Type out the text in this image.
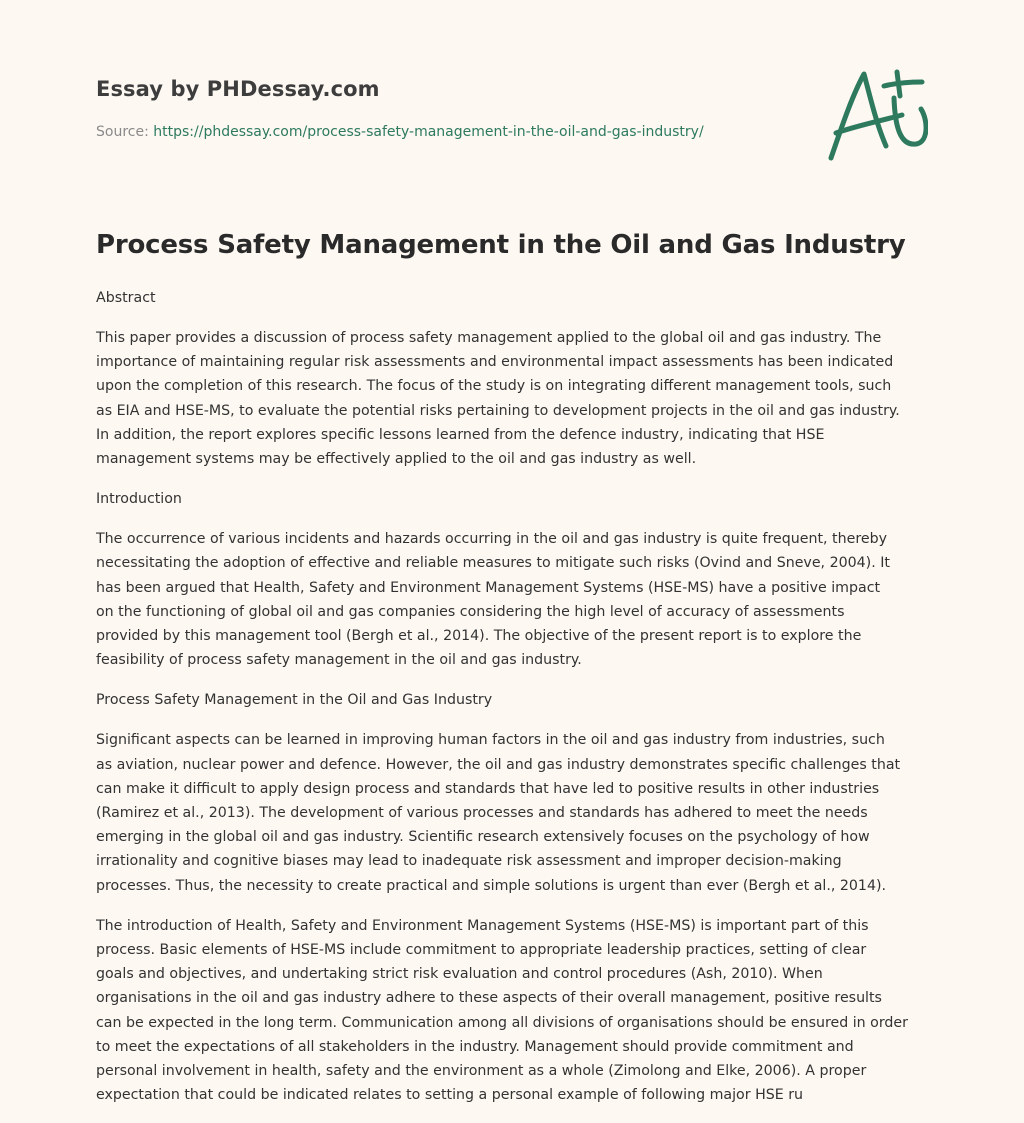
Essay by PHDessay.com
Source: https://phdessay.com/process-safety-management-in-the-oil-and-gas-industry/
Process Safety Management in the Oil and Gas Industry
Abstract
This paper provides a discussion of process safety management applied to the global oil and gas industry. The
importance of maintaining regular risk assessments and environmental impact assessments has been indicated
upon the completion of this research. The focus of the study is on integrating different management tools, such
as EIA and HSE-MS, to evaluate the potential risks pertaining to development projects in the oil and gas industry.
In addition, the report explores specific lessons learned from the defence industry, indicating that HSE
management systems may be effectively applied to the oil and gas industry as well.
Introduction
The occurrence of various incidents and hazards occurring in the oil and gas industry is quite frequent, thereby
necessitating the adoption of effective and reliable measures to mitigate such risks (Ovind and Sneve, 2004). It
has been argued that Health, Safety and Environment Management Systems (HSE-MS) have a positive impact
on the functioning of global oil and gas companies considering the high level of accuracy of assessments
provided by this management tool (Bergh et al., 2014). The objective of the present report is to explore the
feasibility of process safety management in the oil and gas industry.
Process Safety Management in the Oil and Gas Industry
Significant aspects can be learned in improving human factors in the oil and gas industry from industries, such
as aviation, nuclear power and defence. However, the oil and gas industry demonstrates specific challenges that
can make it difficult to apply design process and standards that have led to positive results in other industries
(Ramirez et al., 2013). The development of various processes and standards has adhered to meet the needs
emerging in the global oil and gas industry. Scientific research extensively focuses on the psychology of how
irrationality and cognitive biases may lead to inadequate risk assessment and improper decision-making
processes. Thus, the necessity to create practical and simple solutions is urgent than ever (Bergh et al., 2014).
The introduction of Health, Safety and Environment Management Systems (HSE-MS) is important part of this
process. Basic elements of HSE-MS include commitment to appropriate leadership practices, setting of clear
goals and objectives, and undertaking strict risk evaluation and control procedures (Ash, 2010). When
organisations in the oil and gas industry adhere to these aspects of their overall management, positive results
can be expected in the long term. Communication among all divisions of organisations should be ensured in order
to meet the expectations of all stakeholders in the industry. Management should provide commitment and
personal involvement in health, safety and the environment as a whole (Zimolong and Elke, 2006). A proper
expectation that could be indicated relates to setting a personal example of following major HSE ru
